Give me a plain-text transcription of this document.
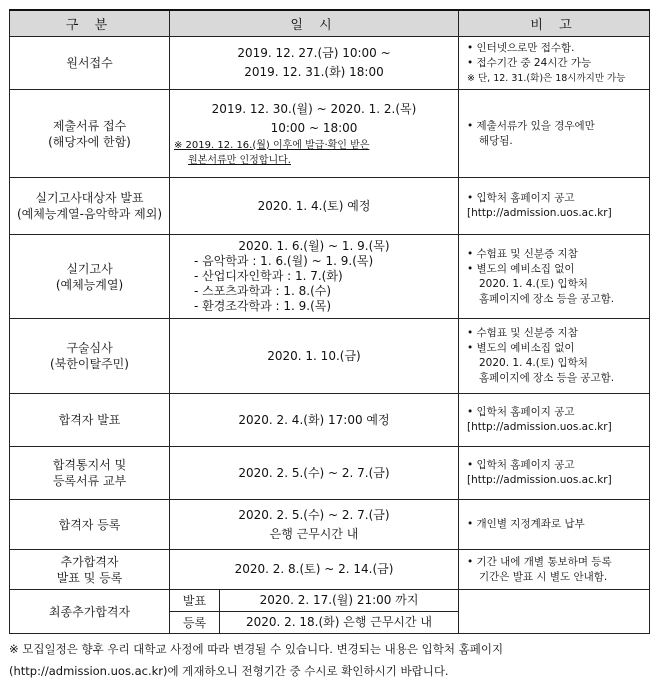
구 분	일 시		비 고

원서접수	2019. 12. 27.(금) 10:00 ~
2019. 12. 31.(화) 18:00		• 인터넷으로만 접수함.
• 접수기간 중 24시간 가능
※ 단, 12. 31.(화)은 18시까지만 가능

제출서류 접수
(해당자에 한함)	2019. 12. 30.(월) ~ 2020. 1. 2.(목)
10:00 ~ 18:00
※ 2019. 12. 16.(월) 이후에 발급·확인 받은
원본서류만 인정합니다.		• 제출서류가 있을 경우에만
해당됨.

실기고사대상자 발표
(예체능계열-음악학과 제외)	2020. 1. 4.(토) 예정		• 입학처 홈페이지 공고
[http://admission.uos.ac.kr]

실기고사
(예체능계열)	2020. 1. 6.(월) ~ 1. 9.(목)
- 음악학과 : 1. 6.(월) ~ 1. 9.(목)
- 산업디자인학과 : 1. 7.(화)
- 스포츠과학과 : 1. 8.(수)
- 환경조각학과 : 1. 9.(목)		• 수험표 및 신분증 지참
• 별도의 예비소집 없이
2020. 1. 4.(토) 입학처
홈페이지에 장소 등을 공고함.

구술심사
(북한이탈주민)	2020. 1. 10.(금)		• 수험표 및 신분증 지참
• 별도의 예비소집 없이
2020. 1. 4.(토) 입학처
홈페이지에 장소 등을 공고함.

합격자 발표	2020. 2. 4.(화) 17:00 예정		• 입학처 홈페이지 공고
[http://admission.uos.ac.kr]

합격통지서 및
등록서류 교부	2020. 2. 5.(수) ~ 2. 7.(금)		• 입학처 홈페이지 공고
[http://admission.uos.ac.kr]

합격자 등록	2020. 2. 5.(수) ~ 2. 7.(금)
은행 근무시간 내		• 개인별 지정계좌로 납부

추가합격자
발표 및 등록	2020. 2. 8.(토) ~ 2. 14.(금)		• 기간 내에 개별 통보하며 등록
기간은 발표 시 별도 안내함.

최종추가합격자	발표	2020. 2. 17.(월) 21:00 까지	

	등록	2020. 2. 18.(화) 은행 근무시간 내	
※ 모집일정은 향후 우리 대학교 사정에 따라 변경될 수 있습니다. 변경되는 내용은 입학처 홈페이지
(http://admission.uos.ac.kr)에 게재하오니 전형기간 중 수시로 확인하시기 바랍니다.
